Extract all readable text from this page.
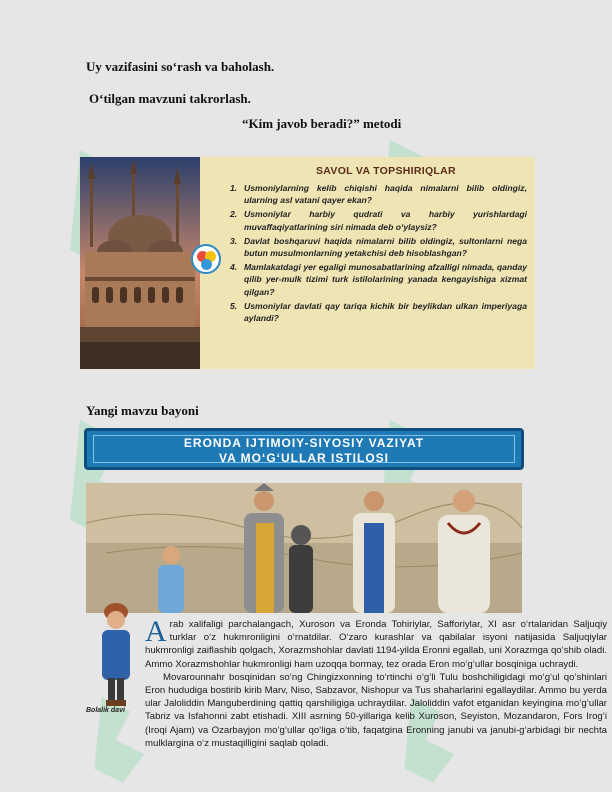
Uy vazifasini so‘rash va baholash.
O‘tilgan mavzuni takrorlash.
“Kim javob beradi?” metodi
SAVOL VA TOPSHIRIQLAR
1. Usmoniylarning kelib chiqishi haqida nimalarni bilib oldingiz, ularning asl vatani qayer ekan?
2. Usmoniylar harbiy qudrati va harbiy yurishlardagi muvaffaqiyatlarining siri nimada deb o‘ylaysiz?
3. Davlat boshqaruvi haqida nimalarni bilib oldingiz, sultonlarni nega butun musulmonlarning yetakchisi deb hisoblashgan?
4. Mamlakatdagi yer egaligi munosabatlarining afzalligi nimada, qanday qilib yer-mulk tizimi turk istilolarining yanada kengayishiga xizmat qilgan?
5. Usmoniylar davlati qay tariqa kichik bir beylikdan ulkan imperiyaga aylandi?
Yangi mavzu bayoni
ERONDA IJTIMOIY-SIYOSIY VAZIYAT
VA MO‘G‘ULLAR ISTILOSI
Bolalik davi

Arab xalifaligi parchalangach, Xuroson va Eronda Tohiriylar, Safforiylar, XI asr o‘rtalaridan Saljuqiy turklar o‘z hukmronligini o‘rnatdilar. O‘zaro kurashlar va qabilalar isyoni natijasida Saljuqiylar hukmronligi zaiflashib qolgach, Xorazmshohlar davlati 1194-yilda Eronni egallab, uni Xorazmga qo‘shib oladi. Ammo Xorazmshohlar hukmronligi ham uzoqqa bormay, tez orada Eron mo‘g‘ullar bosqiniga uchraydi.

Movarounnahr bosqinidan so‘ng Chingizxonning to‘rtinchi o‘g‘li Tulu boshchiligidagi mo‘g‘ul qo‘shinlari Eron hududiga bostirib kirib Marv, Niso, Sabzavor, Nishopur va Tus shaharlarini egallaydilar. Ammo bu yerda ular Jaloliddin Manguberdining qattiq qarshiligiga uchraydilar. Jaloliddin vafot etganidan keyingina mo‘g‘ullar Tabriz va Isfahonni zabt etishadi. XIII asrning 50-yillariga kelib Xuroson, Seyiston, Mozandaron, Fors Irog‘i (Iroqi Ajam) va Ozarbayjon mo‘g‘ullar qo‘liga o‘tib, faqatgina Eronning janubi va janubi-g‘arbidagi bir nechta mulklargina o‘z mustaqilligini saqlab qoladi.
